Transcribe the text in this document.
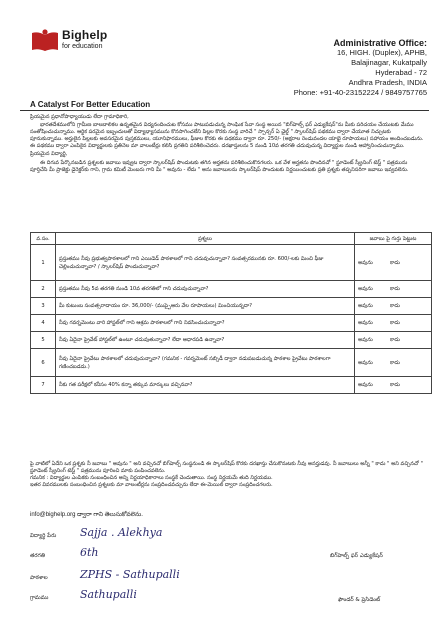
Bighelp
for education
A Catalyst For Better Education
Administrative Office:
16, HIGH. (Duplex), APHB,
Balajinagar, Kukatpally
Hyderabad - 72
Andhra Pradesh, INDIA
Phone: +91-40-23152224 / 9849757765

ప్రియమైన ప్రధానోపాధ్యాయుడు లేదా గ్రామాధికారి,

భారతదేశములోని గ్రామీణ బాలబాలికల ఉన్నతమైన విద్యనందించుట కోసము పాటుపడుచున్న సాంఘిక సేవా సంస్థ అయిన "బిగ్‌హెల్ప్ ఫర్ ఎడ్యుకేషన్"ను మీకు పరిచయం చేయుటకు మేము సంతోషించుచున్నాము. ఆర్థిక పరమైన ఇబ్బందులతో విద్యాభ్యాసమును కొనసాగించలేని పిల్లల కొరకు సంస్థ వారిచే " స్పాన్సర్ ఏ ఛైల్డ్ " స్కాలర్‌షిప్ పథకము ద్వారా చేయూత నిచ్చుటకు పూనుకున్నాము. అర్హులైన పిల్లలకు అవసరమైన పుస్తకములు, యూనిఫారములు, ఫీజుల కొరకు ఈ పథకము ద్వారా రూ. 250/- (అక్షరాల రెండువందల యాభై రూపాయలు) సహాయం అందించబడును. ఈ పథకము ద్వారా ఎంపికైన విద్యార్థులకు ప్రతినెల మా వాలంటీర్లు కలిసి ప్రగతిని పరిశీలించెదరు. దరఖాస్తులను 5 నుండి 10వ తరగతి చదువుచున్న విద్యార్థుల నుండి ఆహ్వానించుచున్నాము.

ప్రియమైన విద్యార్థి,

ఈ దిగువ పేర్కొనబడిన ప్రశ్నలకు జవాబు ఇవ్వుట ద్వారా స్కాలర్‌షిప్ పొందుటకు తగిన అర్హతను పరిశీలించుకొనగలరు. ఒక వేళ అర్హతను పొందినచో " స్టూడెంట్ స్క్రీనింగ్ టెస్ట్ " పత్రమును పూర్తిచేసి మీ ప్రాజెక్టు డైరెక్టర్‌కు గాని, గ్రామ కమిటీ మెంబరు గాని మీ " అవును - లేదు " అను జవాబులను స్కాలర్‌షిప్ పొందుటకు నిర్ణయించుటకు ప్రతి ప్రశ్నకు తప్పనిసరిగా జవాబు ఇవ్వవలెను.

వ.సం.	ప్రశ్నలు	జవాబు పై గుర్తు పెట్టుట
1	ప్రస్తుతము నీవు ప్రభుత్వపాఠశాలలో గాని ఎయిడెడ్ పాఠశాలలో గాని చదువుచున్నావా? సంవత్సరమునకు రూ. 600/-లకు మించి ఫీజు చెల్లించుచున్నావా? / స్కాలర్‌షిప్ పొందుచున్నావా?	అవును కాదు
2	ప్రస్తుతము నీవు 5వ తరగతి నుండి 10వ తరగతిలో గాని చదువుచున్నావా?	అవును కాదు
3	మీ కుటుంబ సంవత్సరాదాయం రూ. 36,000/- (ముప్పైఆరు వేల రూపాయలు) మించియున్నదా?	అవును కాదు
4	నీవు గవర్నమెంటు వారి హాస్టల్‌లో గాని ఆశ్రమ పాఠశాలలో గాని నివసించుచున్నావా?	అవును కాదు
5	నీవు ఏదైనా ప్రైవేట్ హాస్టల్‌లో ఉంటూ చదువుతున్నావా? లేదా ఆధారపడి ఉన్నావా?	అవును కాదు
6	నీవు ఏదైనా ప్రైవేటు పాఠశాలలో చదువుచున్నావా? (గమనిక - గవర్నమెంట్ సబ్సిడీ ద్వారా నడుపబడుచున్న పాఠశాల ప్రైవేటు పాఠశాలగా గణించబడదు.)	అవును కాదు
7	నీకు గత పరీక్షలో కనీసం 40% కన్నా తక్కువ మార్కులు వచ్చినవా?	అవును కాదు

పై వాటిలో ఏదేని ఒక ప్రశ్నకు నీ జవాబు " అవును " అని వచ్చినచో బిగ్‌హెల్ప్ సంస్థనుండి ఈ స్కాలర్‌షిప్ కొరకు దరఖాస్తు చేసుకొనుటకు నీవు అనర్హుడవు. నీ జవాబులు అన్నీ " కాదు " అని వచ్చినచో " స్టూడెంట్ స్క్రీనింగ్ టెస్ట్ " పత్రమును పూరించి మాకు పంపించవలెను.

గమనిక : విద్యార్థుల ఎంపికకు సంబంధించిన అన్ని నిర్ణయాధికారాలు సంస్థకే చెందుతాయి. సంస్థ నిర్ణయమే తుది నిర్ణయము.

ఇతర వివరములకు సంబంధించిన ప్రశ్నలకు మా వాలంటీర్లను సంప్రదించవచ్చును లేదా ఈ-మెయిల్ ద్వారా సంప్రదించగలరు.

info@bighelp.org ద్వారా గాని తెలుసుకోవలెను.
విద్యార్థి పేరు Sajja . Alekhya
తరగతి	6th
పాఠశాల	ZPHS - Sathupalli
గ్రామము	Sathupalli
బిగ్‌హెల్ప్ ఫర్ ఎడ్యుకేషన్
ఫౌండర్ & ప్రెసిడెంట్
